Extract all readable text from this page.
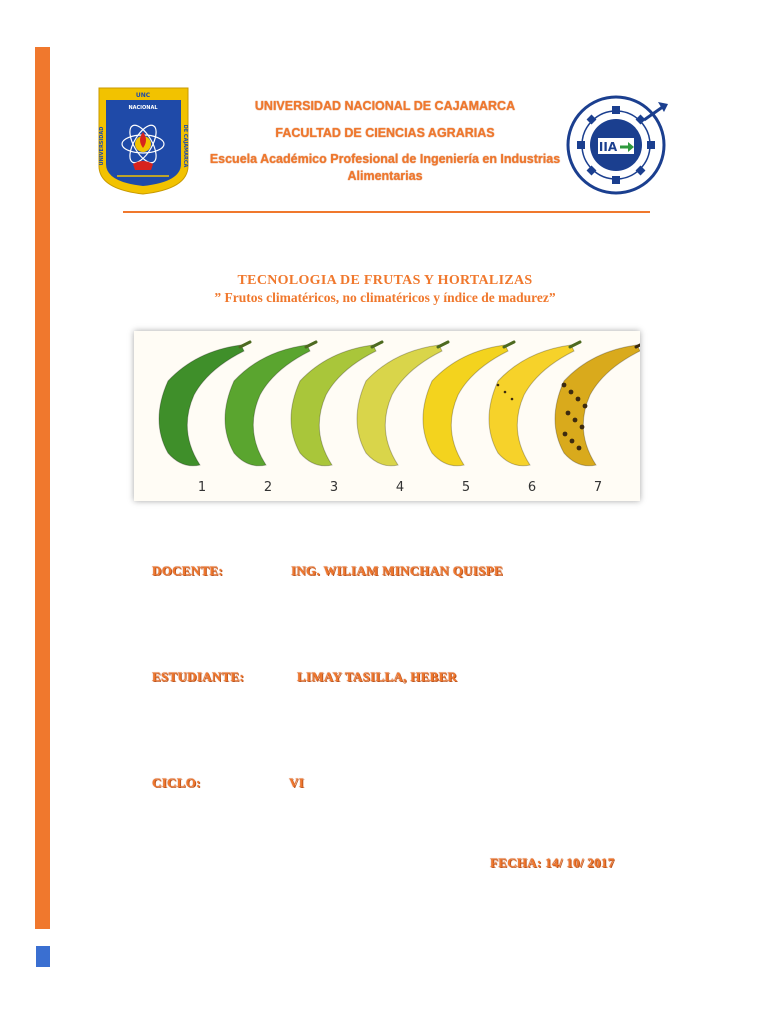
UNC
NACIONAL
UNIVERSIDAD	DE CAJAMARCA
UNIVERSIDAD NACIONAL DE CAJAMARCA
FACULTAD DE CIENCIAS AGRARIAS
Escuela Académico Profesional de Ingeniería en Industrias
Alimentarias
IIA
TECNOLOGIA DE FRUTAS Y HORTALIZAS
” Frutos climatéricos, no climatéricos y índice de madurez”
1	2	3	4	5	6	7
DOCENTE:	ING. WILIAM MINCHAN QUISPE
ESTUDIANTE:	LIMAY TASILLA, HEBER
CICLO:	VI
FECHA: 14/ 10/ 2017
